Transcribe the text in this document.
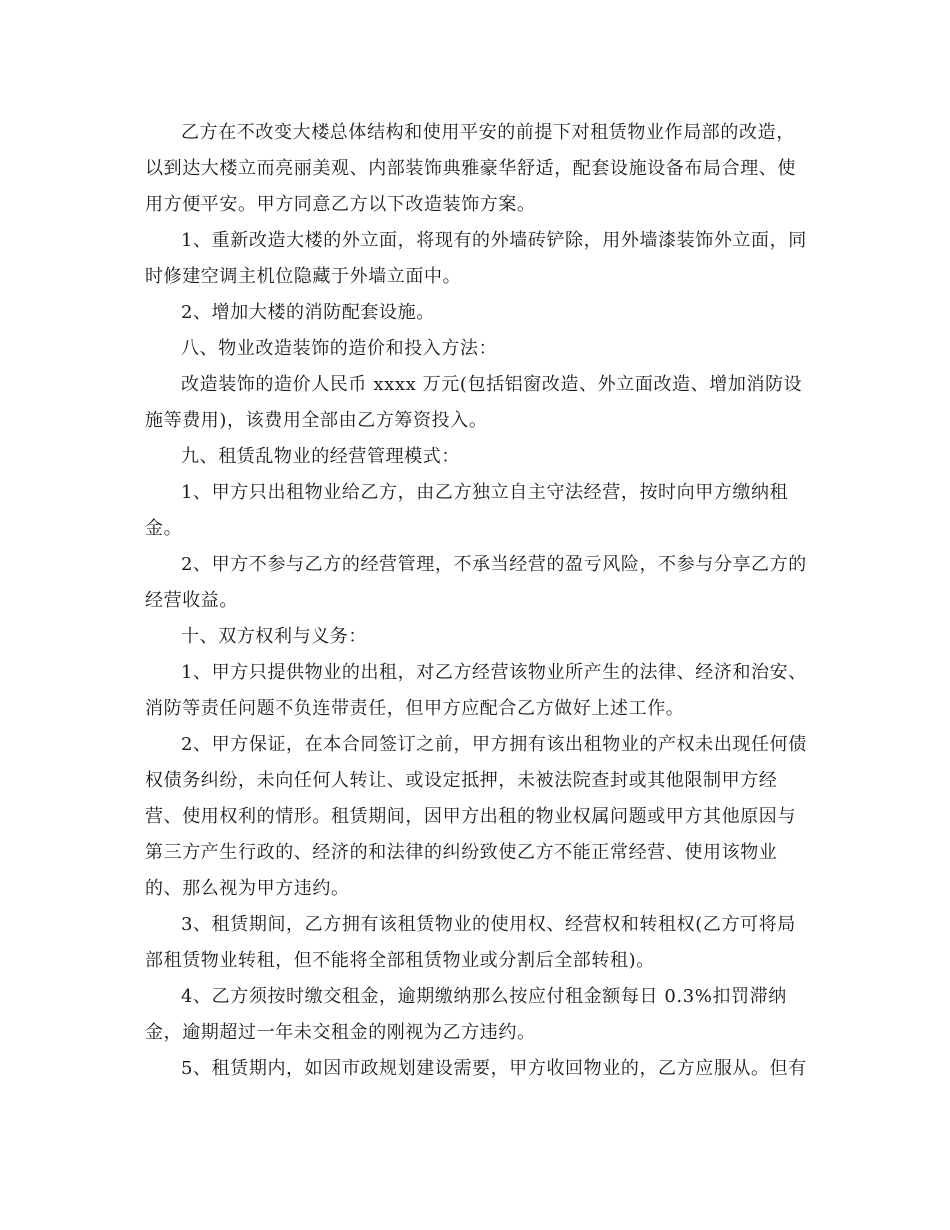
乙方在不改变大楼总体结构和使用平安的前提下对租赁物业作局部的改造，
以到达大楼立而亮丽美观、内部装饰典雅豪华舒适，配套设施设备布局合理、使
用方便平安。甲方同意乙方以下改造装饰方案。
1、重新改造大楼的外立面，将现有的外墙砖铲除，用外墙漆装饰外立面，同
时修建空调主机位隐藏于外墙立面中。
2、增加大楼的消防配套设施。
八、物业改造装饰的造价和投入方法：
改造装饰的造价人民币 xxxx 万元(包括铝窗改造、外立面改造、增加消防设
施等费用)，该费用全部由乙方筹资投入。
九、租赁乱物业的经营管理模式：
1、甲方只出租物业给乙方，由乙方独立自主守法经营，按时向甲方缴纳租
金。
2、甲方不参与乙方的经营管理，不承当经营的盈亏风险，不参与分享乙方的
经营收益。
十、双方权利与义务：
1、甲方只提供物业的出租，对乙方经营该物业所产生的法律、经济和治安、
消防等责任问题不负连带责任，但甲方应配合乙方做好上述工作。
2、甲方保证，在本合同签订之前，甲方拥有该出租物业的产权未出现任何债
权债务纠纷，未向任何人转让、或设定抵押，未被法院查封或其他限制甲方经
营、使用权利的情形。租赁期间，因甲方出租的物业权属问题或甲方其他原因与
第三方产生行政的、经济的和法律的纠纷致使乙方不能正常经营、使用该物业
的、那么视为甲方违约。
3、租赁期间，乙方拥有该租赁物业的使用权、经营权和转租权(乙方可将局
部租赁物业转租，但不能将全部租赁物业或分割后全部转租)。
4、乙方须按时缴交租金，逾期缴纳那么按应付租金额每日 0.3%扣罚滞纳
金，逾期超过一年未交租金的刚视为乙方违约。
5、租赁期内，如因市政规划建设需要，甲方收回物业的，乙方应服从。但有
